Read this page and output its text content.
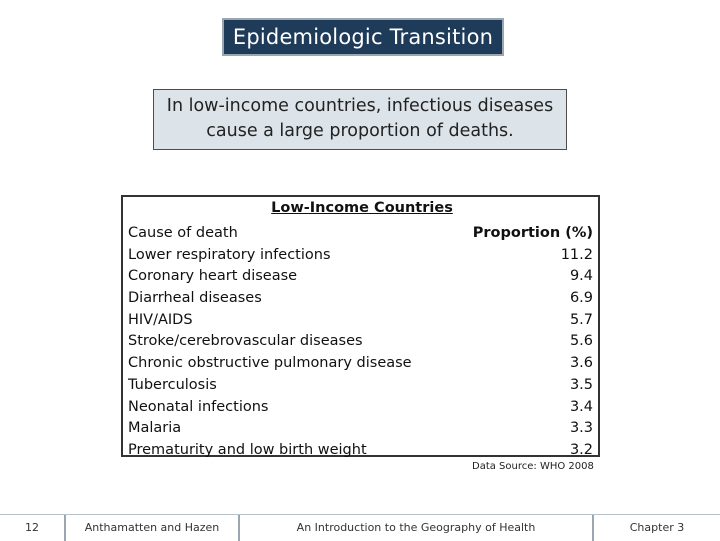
Epidemiologic Transition
In low-income countries, infectious diseases
cause a large proportion of deaths.
Low-Income Countries
Cause of death	Proportion (%)
Lower respiratory infections	11.2
Coronary heart disease	9.4
Diarrheal diseases	6.9
HIV/AIDS	5.7
Stroke/cerebrovascular diseases	5.6
Chronic obstructive pulmonary disease	3.6
Tuberculosis	3.5
Neonatal infections	3.4
Malaria	3.3
Prematurity and low birth weight	3.2
Data Source: WHO 2008
12	Anthamatten and Hazen	An Introduction to the Geography of Health	Chapter 3
